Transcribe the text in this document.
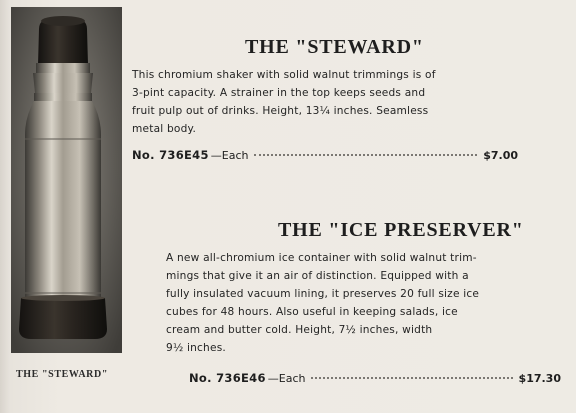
THE "STEWARD"
THE "STEWARD"
This chromium shaker with solid walnut trimmings is of
3-pint capacity. A strainer in the top keeps seeds and
fruit pulp out of drinks. Height, 13¼ inches. Seamless
metal body.
No. 736E45 —Each	$7.00
THE "ICE PRESERVER"
A new all-chromium ice container with solid walnut trim-
mings that give it an air of distinction. Equipped with a
fully insulated vacuum lining, it preserves 20 full size ice
cubes for 48 hours. Also useful in keeping salads, ice
cream and butter cold. Height, 7½ inches, width
9½ inches.
No. 736E46 —Each	$17.30
